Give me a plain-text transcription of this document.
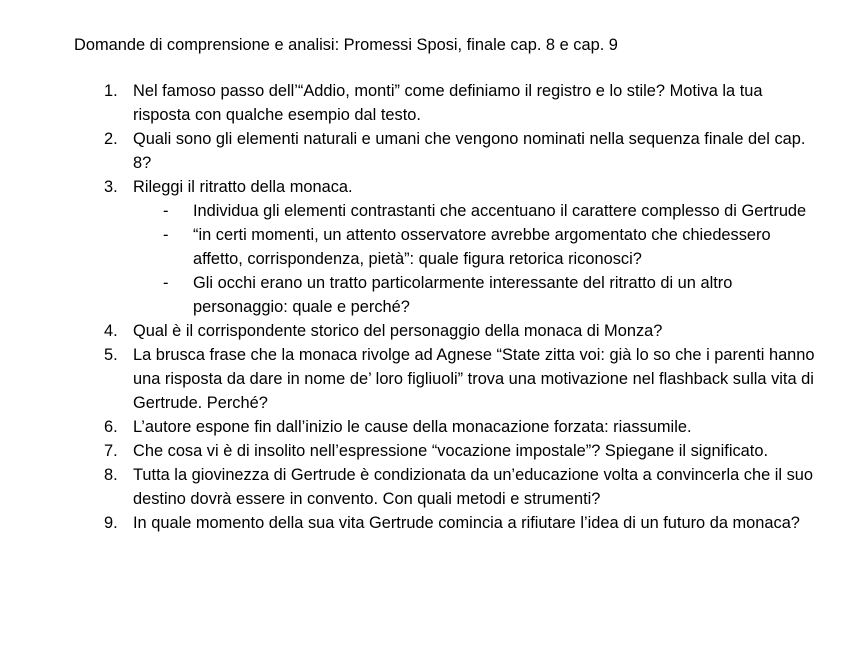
Domande di comprensione e analisi: Promessi Sposi, finale cap. 8 e cap. 9
1. Nel famoso passo dell’“Addio, monti” come definiamo il registro e lo stile? Motiva la tua risposta con qualche esempio dal testo.
2. Quali sono gli elementi naturali e umani che vengono nominati nella sequenza finale del cap. 8?
3. Rileggi il ritratto della monaca.
- Individua gli elementi contrastanti che accentuano il carattere complesso di Gertrude
- “in certi momenti, un attento osservatore avrebbe argomentato che chiedessero affetto, corrispondenza, pietà”: quale figura retorica riconosci?
- Gli occhi erano un tratto particolarmente interessante del ritratto di un altro personaggio: quale e perché?
4. Qual è il corrispondente storico del personaggio della monaca di Monza?
5. La brusca frase che la monaca rivolge ad Agnese “State zitta voi: già lo so che i parenti hanno una risposta da dare in nome de’ loro figliuoli” trova una motivazione nel flashback sulla vita di Gertrude. Perché?
6. L’autore espone fin dall’inizio le cause della monacazione forzata: riassumile.
7. Che cosa vi è di insolito nell’espressione “vocazione impostale”? Spiegane il significato.
8. Tutta la giovinezza di Gertrude è condizionata da un’educazione volta a convincerla che il suo destino dovrà essere in convento. Con quali metodi e strumenti?
9. In quale momento della sua vita Gertrude comincia a rifiutare l’idea di un futuro da monaca?
